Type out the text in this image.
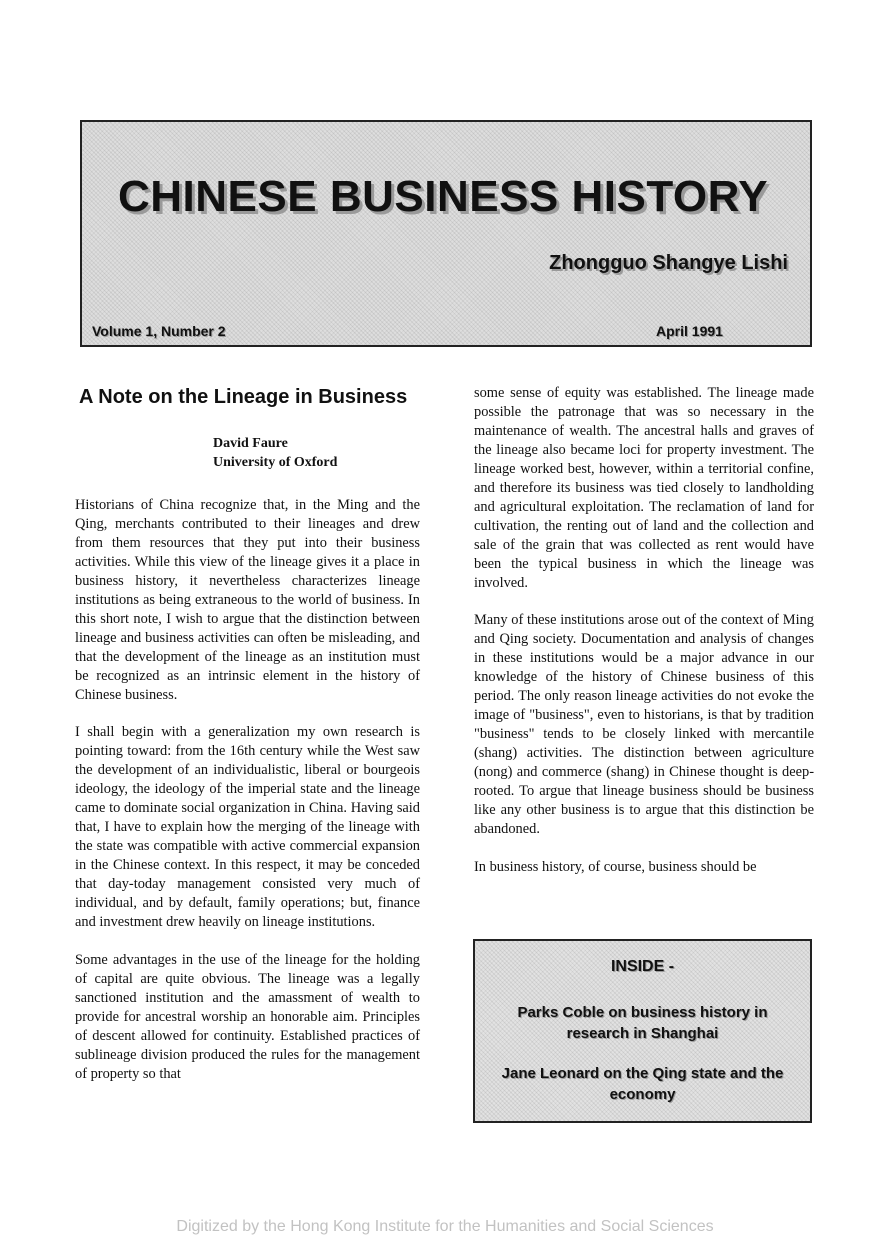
CHINESE BUSINESS HISTORY
Zhongguo Shangye Lishi
Volume 1, Number 2	April 1991
A Note on the Lineage in Business
David Faure
University of Oxford

Historians of China recognize that, in the Ming and the Qing, merchants contributed to their lineages and drew from them resources that they put into their business activities. While this view of the lineage gives it a place in business history, it nevertheless characterizes lineage institutions as being extraneous to the world of business. In this short note, I wish to argue that the distinction between lineage and business activities can often be misleading, and that the development of the lineage as an institution must be recognized as an intrinsic element in the history of Chinese business.

I shall begin with a generalization my own research is pointing toward: from the 16th century while the West saw the development of an individualistic, liberal or bourgeois ideology, the ideology of the imperial state and the lineage came to dominate social organization in China. Having said that, I have to explain how the merging of the lineage with the state was compatible with active commercial expansion in the Chinese context. In this respect, it may be conceded that day-today management consisted very much of individual, and by default, family operations; but, finance and investment drew heavily on lineage institutions.

Some advantages in the use of the lineage for the holding of capital are quite obvious. The lineage was a legally sanctioned institution and the amassment of wealth to provide for ancestral worship an honorable aim. Principles of descent allowed for continuity. Established practices of sublineage division produced the rules for the management of property so that

some sense of equity was established. The lineage made possible the patronage that was so necessary in the maintenance of wealth. The ancestral halls and graves of the lineage also became loci for property investment. The lineage worked best, however, within a territorial confine, and therefore its business was tied closely to landholding and agricultural exploitation. The reclamation of land for cultivation, the renting out of land and the collection and sale of the grain that was collected as rent would have been the typical business in which the lineage was involved.

Many of these institutions arose out of the context of Ming and Qing society. Documentation and analysis of changes in these institutions would be a major advance in our knowledge of the history of Chinese business of this period. The only reason lineage activities do not evoke the image of "business", even to historians, is that by tradition "business" tends to be closely linked with mercantile (shang) activities. The distinction between agriculture (nong) and commerce (shang) in Chinese thought is deep-rooted. To argue that lineage business should be business like any other business is to argue that this distinction be abandoned.

In business history, of course, business should be

INSIDE -
Parks Coble on business history in research in Shanghai
Jane Leonard on the Qing state and the economy
Digitized by the Hong Kong Institute for the Humanities and Social Sciences
